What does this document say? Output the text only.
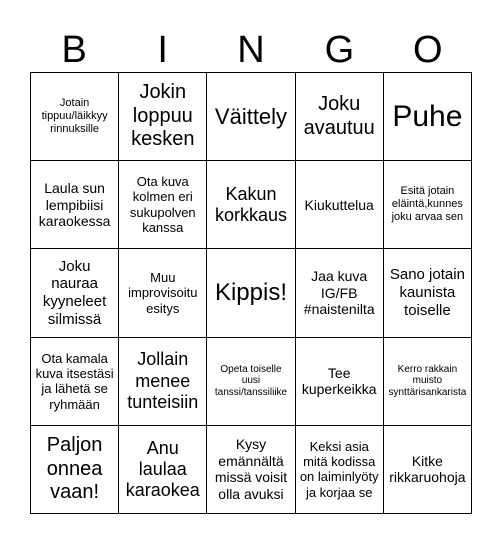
B	I	N	G	O
Jotain tippuu/läikkyy rinnuksille
Jokin loppuu kesken
Väittely	Joku avautuu Puhe
Laula sun lempibiisi karaokessa
Ota kuva kolmen eri sukupolven kanssa
Kakun korkkaus
Kiukuttelua
Esitä jotain eläintä,kunnes joku arvaa sen
Joku nauraa kyyneleet silmissä
Muu improvisoitu esitys
Kippis!
Jaa kuva IG/FB #naistenilta
Sano jotain kaunista toiselle
Ota kamala kuva itsestäsi ja lähetä se ryhmään
Jollain menee tunteisiin
Opeta toiselle uusi tanssi/tanssiliike
Tee kuperkeikka
Kerro rakkain muisto synttärisankarista
Paljon onnea vaan!
Anu laulaa karaokea
Kysy emännältä missä voisit olla avuksi
Keksi asia mitä kodissa on laiminlyöty ja korjaa se
Kitke rikkaruohoja
